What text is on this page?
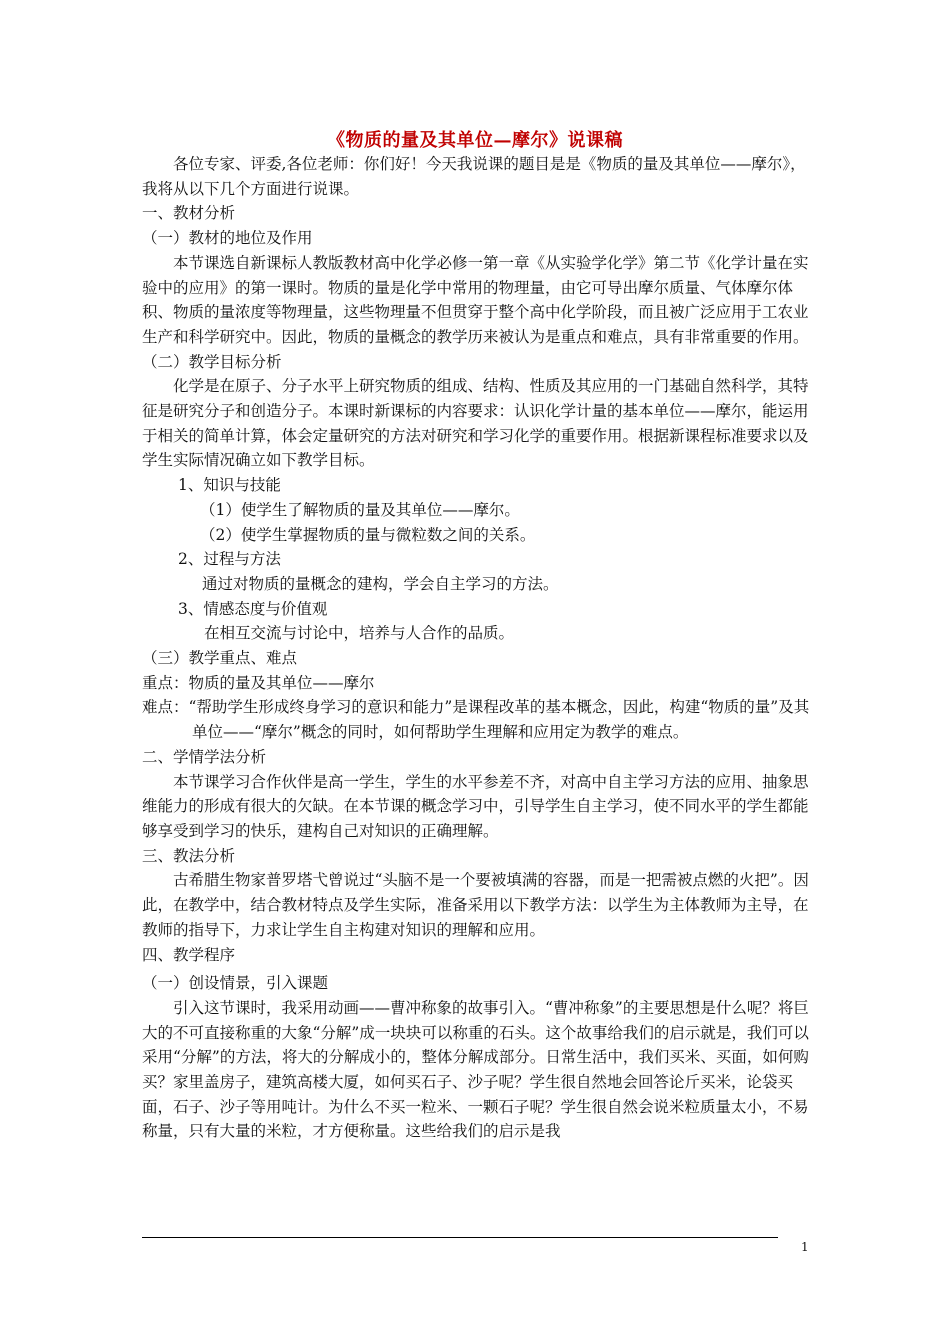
《物质的量及其单位—摩尔》说课稿

各位专家、评委,各位老师：你们好！今天我说课的题目是是《物质的量及其单位——摩尔》，我将从以下几个方面进行说课。

一、教材分析

（一）教材的地位及作用

本节课选自新课标人教版教材高中化学必修一第一章《从实验学化学》第二节《化学计量在实验中的应用》的第一课时。物质的量是化学中常用的物理量，由它可导出摩尔质量、气体摩尔体积、物质的量浓度等物理量，这些物理量不但贯穿于整个高中化学阶段，而且被广泛应用于工农业生产和科学研究中。因此，物质的量概念的教学历来被认为是重点和难点，具有非常重要的作用。

（二）教学目标分析

化学是在原子、分子水平上研究物质的组成、结构、性质及其应用的一门基础自然科学，其特征是研究分子和创造分子。本课时新课标的内容要求：认识化学计量的基本单位——摩尔，能运用于相关的简单计算，体会定量研究的方法对研究和学习化学的重要作用。根据新课程标准要求以及学生实际情况确立如下教学目标。

1、知识与技能

（1）使学生了解物质的量及其单位——摩尔。

（2）使学生掌握物质的量与微粒数之间的关系。

2、过程与方法

通过对物质的量概念的建构，学会自主学习的方法。

3、情感态度与价值观

在相互交流与讨论中，培养与人合作的品质。

（三）教学重点、难点

重点：物质的量及其单位——摩尔

难点：“帮助学生形成终身学习的意识和能力”是课程改革的基本概念，因此，构建“物质的量”及其单位——“摩尔”概念的同时，如何帮助学生理解和应用定为教学的难点。

二、学情学法分析

本节课学习合作伙伴是高一学生，学生的水平参差不齐，对高中自主学习方法的应用、抽象思维能力的形成有很大的欠缺。在本节课的概念学习中，引导学生自主学习，使不同水平的学生都能够享受到学习的快乐，建构自己对知识的正确理解。

三、教法分析

古希腊生物家普罗塔弋曾说过“头脑不是一个要被填满的容器，而是一把需被点燃的火把”。因此，在教学中，结合教材特点及学生实际，准备采用以下教学方法：以学生为主体教师为主导，在教师的指导下，力求让学生自主构建对知识的理解和应用。

四、教学程序

（一）创设情景，引入课题

引入这节课时，我采用动画——曹冲称象的故事引入。“曹冲称象”的主要思想是什么呢？将巨大的不可直接称重的大象“分解”成一块块可以称重的石头。这个故事给我们的启示就是，我们可以采用“分解”的方法，将大的分解成小的，整体分解成部分。日常生活中，我们买米、买面，如何购买？家里盖房子，建筑高楼大厦，如何买石子、沙子呢？学生很自然地会回答论斤买米，论袋买面，石子、沙子等用吨计。为什么不买一粒米、一颗石子呢？学生很自然会说米粒质量太小，不易称量，只有大量的米粒，才方便称量。这些给我们的启示是我

1
